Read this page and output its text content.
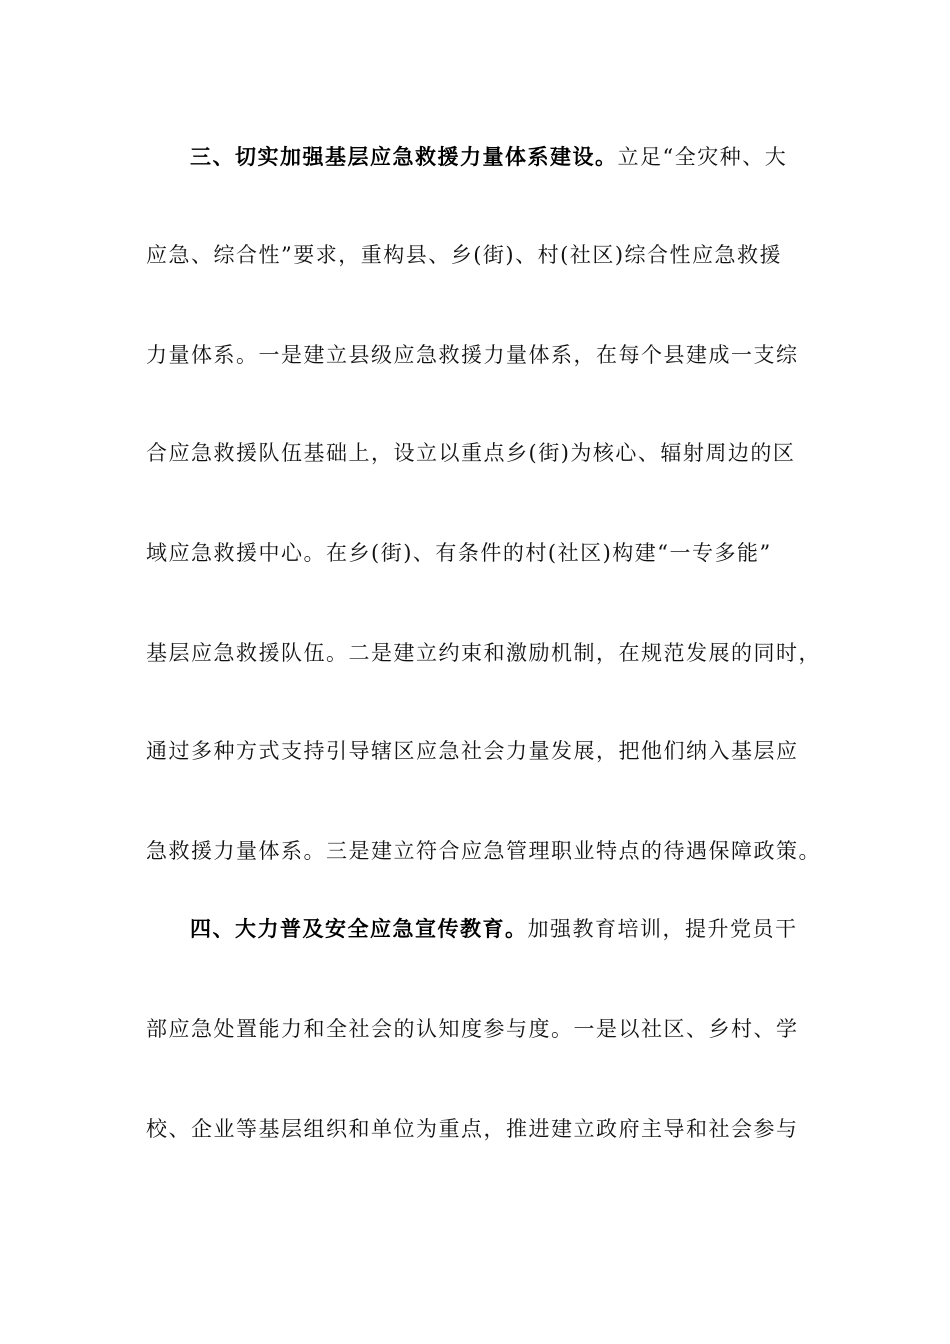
三、切实加强基层应急救援力量体系建设。立足“全灾种、大
应急、综合性”要求，重构县、乡(街)、村(社区)综合性应急救援
力量体系。一是建立县级应急救援力量体系，在每个县建成一支综
合应急救援队伍基础上，设立以重点乡(街)为核心、辐射周边的区
域应急救援中心。在乡(街)、有条件的村(社区)构建“一专多能”
基层应急救援队伍。二是建立约束和激励机制，在规范发展的同时，
通过多种方式支持引导辖区应急社会力量发展，把他们纳入基层应
急救援力量体系。三是建立符合应急管理职业特点的待遇保障政策。
四、大力普及安全应急宣传教育。加强教育培训，提升党员干
部应急处置能力和全社会的认知度参与度。一是以社区、乡村、学
校、企业等基层组织和单位为重点，推进建立政府主导和社会参与
